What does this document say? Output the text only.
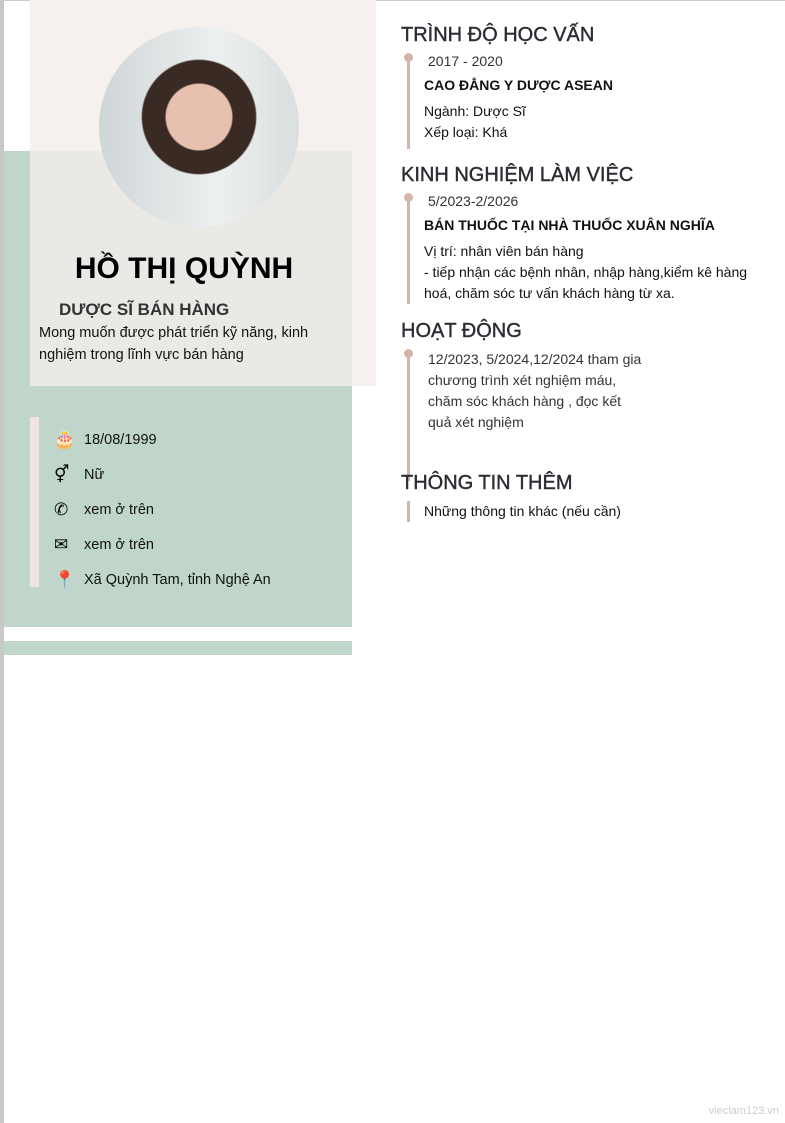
HỒ THỊ QUỲNH
DƯỢC SĨ BÁN HÀNG
Mong muốn được phát triển kỹ năng, kinh nghiệm trong lĩnh vực bán hàng
🎂 18/08/1999
⚥	Nữ
✆	xem ở trên
✉	xem ở trên
📍 Xã Quỳnh Tam, tỉnh Nghệ An
TRÌNH ĐỘ HỌC VẤN
2017 - 2020
CAO ĐẲNG Y DƯỢC ASEAN
Ngành: Dược Sĩ
Xếp loại: Khá
KINH NGHIỆM LÀM VIỆC
5/2023-2/2026
BÁN THUỐC TẠI NHÀ THUỐC XUÂN NGHĨA
Vị trí: nhân viên bán hàng
- tiếp nhận các bệnh nhân, nhập hàng,kiểm kê hàng hoá, chăm sóc tư vấn khách hàng từ xa.
HOẠT ĐỘNG
12/2023, 5/2024,12/2024 tham gia chương trình xét nghiệm máu, chăm sóc khách hàng , đọc kết quả xét nghiệm
THÔNG TIN THÊM
Những thông tin khác (nếu cần)
vieclam123.vn
